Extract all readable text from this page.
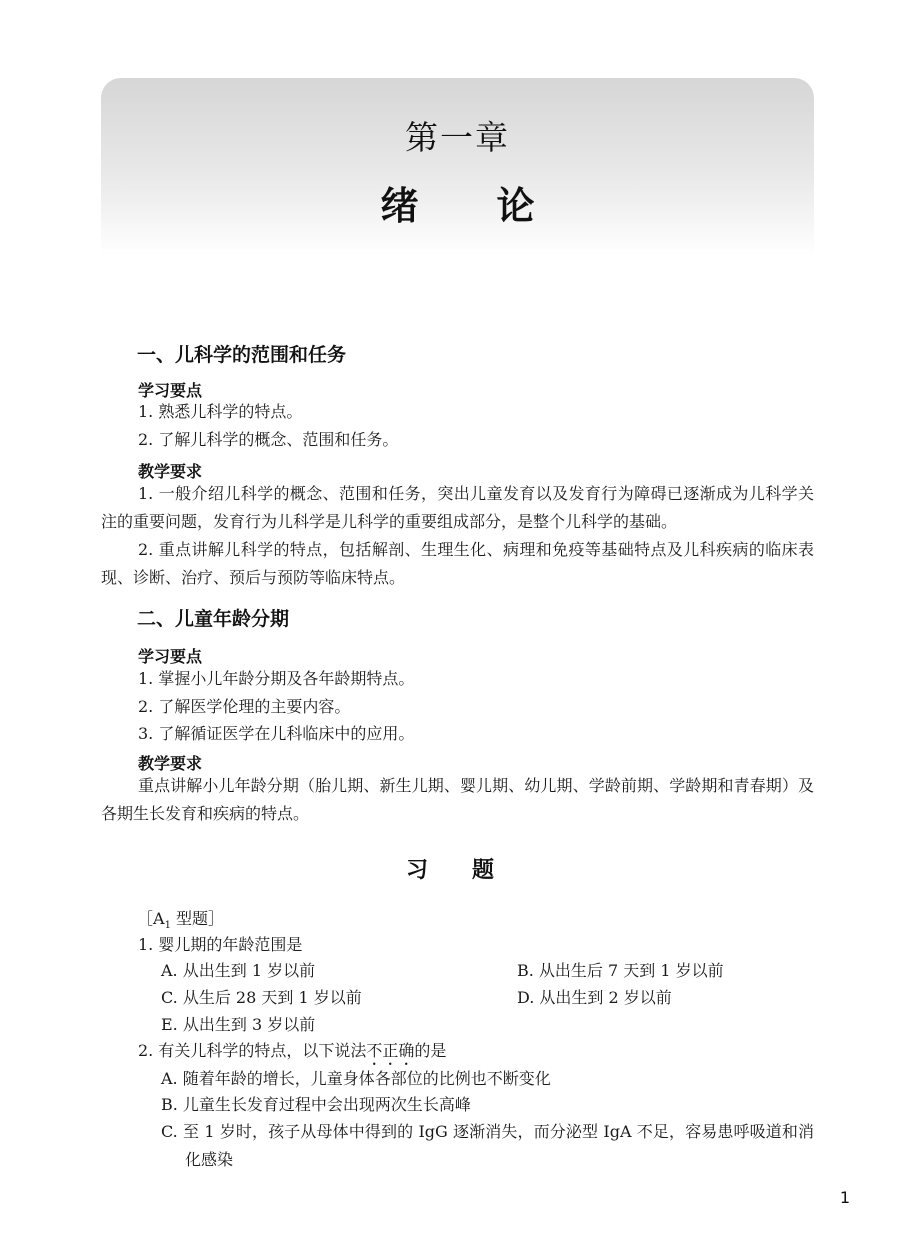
第一章
绪 论
一、儿科学的范围和任务
学习要点
1. 熟悉儿科学的特点。
2. 了解儿科学的概念、范围和任务。
教学要求
1. 一般介绍儿科学的概念、范围和任务，突出儿童发育以及发育行为障碍已逐渐成为儿科学关注的重要问题，发育行为儿科学是儿科学的重要组成部分，是整个儿科学的基础。
2. 重点讲解儿科学的特点，包括解剖、生理生化、病理和免疫等基础特点及儿科疾病的临床表现、诊断、治疗、预后与预防等临床特点。
二、儿童年龄分期
学习要点
1. 掌握小儿年龄分期及各年龄期特点。
2. 了解医学伦理的主要内容。
3. 了解循证医学在儿科临床中的应用。
教学要求
重点讲解小儿年龄分期（胎儿期、新生儿期、婴儿期、幼儿期、学龄前期、学龄期和青春期）及各期生长发育和疾病的特点。
习 题
$[A_1$ 型题］
1. 婴儿期的年龄范围是
A. 从出生到 1 岁以前	B. 从出生后 7 天到 1 岁以前
C. 从生后 28 天到 1 岁以前	D. 从出生到 2 岁以前
E. 从出生到 3 岁以前
2. 有关儿科学的特点，以下说法不正确的是
A. 随着年龄的增长，儿童身体各部位的比例也不断变化
B. 儿童生长发育过程中会出现两次生长高峰
C. 至 1 岁时，孩子从母体中得到的 IgG 逐渐消失，而分泌型 IgA 不足，容易患呼吸道和消化感染
1
